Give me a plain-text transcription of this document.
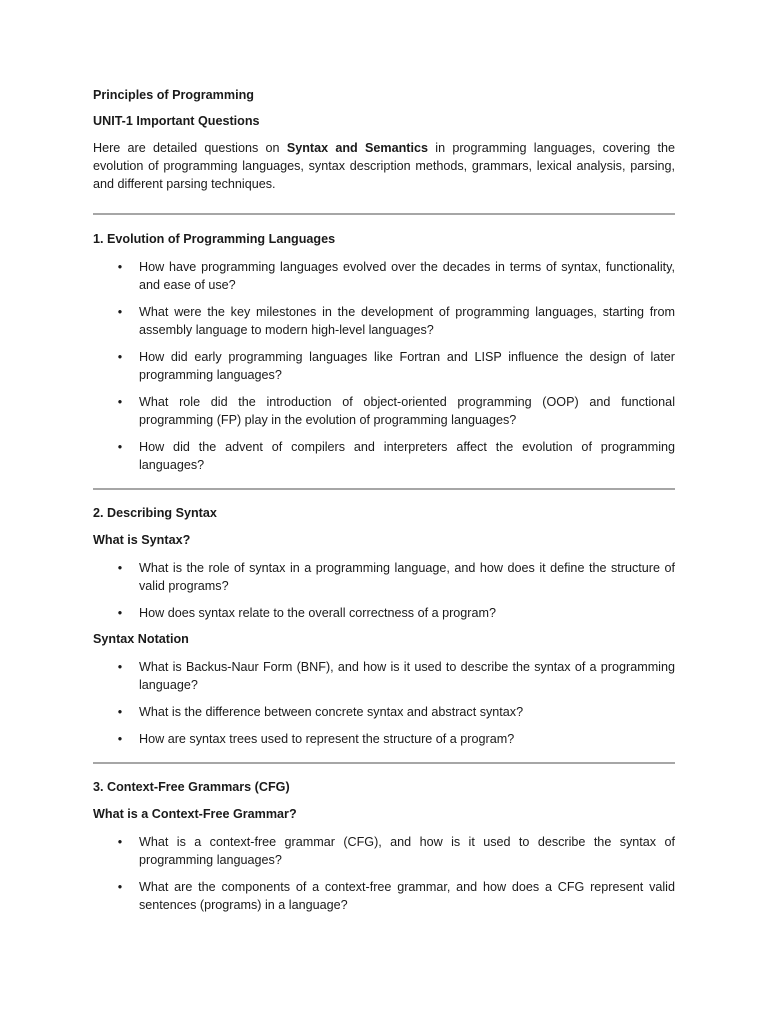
Principles of Programming
UNIT-1 Important Questions

Here are detailed questions on Syntax and Semantics in programming languages, covering the evolution of programming languages, syntax description methods, grammars, lexical analysis, parsing, and different parsing techniques.

1. Evolution of Programming Languages
• How have programming languages evolved over the decades in terms of syntax, functionality, and ease of use?
• What were the key milestones in the development of programming languages, starting from assembly language to modern high-level languages?
• How did early programming languages like Fortran and LISP influence the design of later programming languages?
• What role did the introduction of object-oriented programming (OOP) and functional programming (FP) play in the evolution of programming languages?
• How did the advent of compilers and interpreters affect the evolution of programming languages?
2. Describing Syntax
What is Syntax?
• What is the role of syntax in a programming language, and how does it define the structure of valid programs?
• How does syntax relate to the overall correctness of a program?
Syntax Notation
• What is Backus-Naur Form (BNF), and how is it used to describe the syntax of a programming language?
• What is the difference between concrete syntax and abstract syntax?
• How are syntax trees used to represent the structure of a program?
3. Context-Free Grammars (CFG)
What is a Context-Free Grammar?
• What is a context-free grammar (CFG), and how is it used to describe the syntax of programming languages?
• What are the components of a context-free grammar, and how does a CFG represent valid sentences (programs) in a language?
